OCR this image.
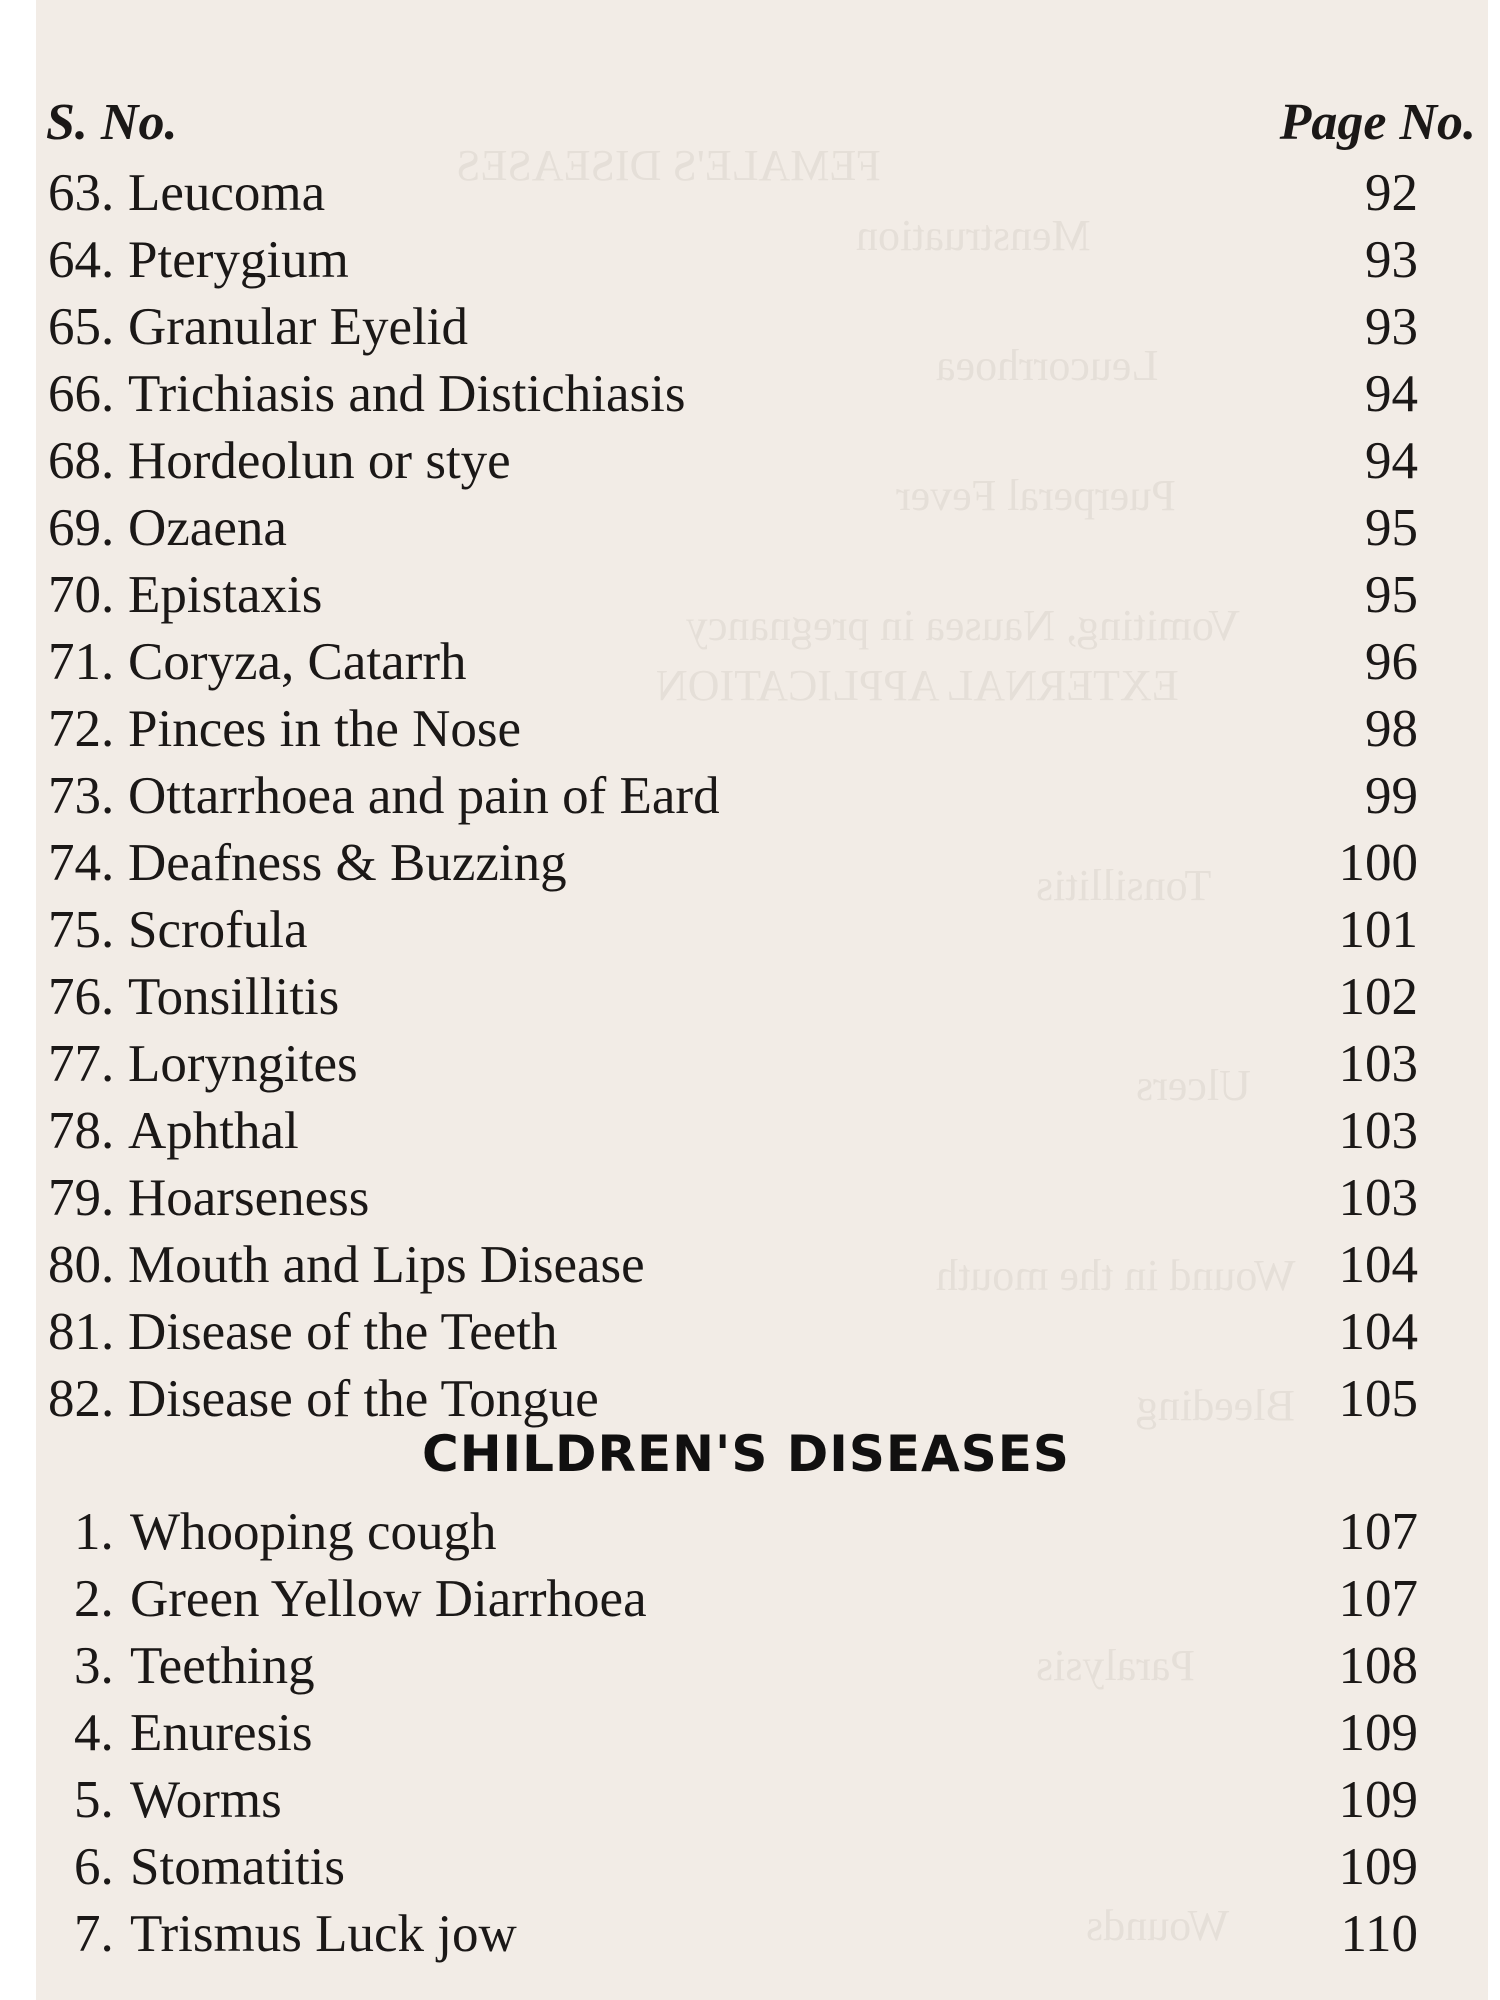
FEMALE'S DISEASES
Menstruation
Leucorrhoea
Puerperal Fever
Vomiting, Nausea in pregnancy
EXTERNAL APPLICATION
Tonsillitis
Ulcers
Wound in the mouth
Bleeding
Paralysis
Wounds
S. No.	Page No.
63. Leucoma	92
64. Pterygium	93
65. Granular Eyelid	93
66. Trichiasis and Distichiasis	94
68. Hordeolun or stye	94
69. Ozaena	95
70. Epistaxis	95
71. Coryza, Catarrh	96
72. Pinces in the Nose	98
73. Ottarrhoea and pain of Eard	99
74. Deafness & Buzzing	100
75. Scrofula	101
76. Tonsillitis	102
77. Loryngites	103
78. Aphthal	103
79. Hoarseness	103
80. Mouth and Lips Disease	104
81. Disease of the Teeth	104
82. Disease of the Tongue	105
CHILDREN'S DISEASES
1. Whooping cough	107
2. Green Yellow Diarrhoea	107
3. Teething	108
4. Enuresis	109
5. Worms	109
6. Stomatitis	109
7. Trismus Luck jow	110
